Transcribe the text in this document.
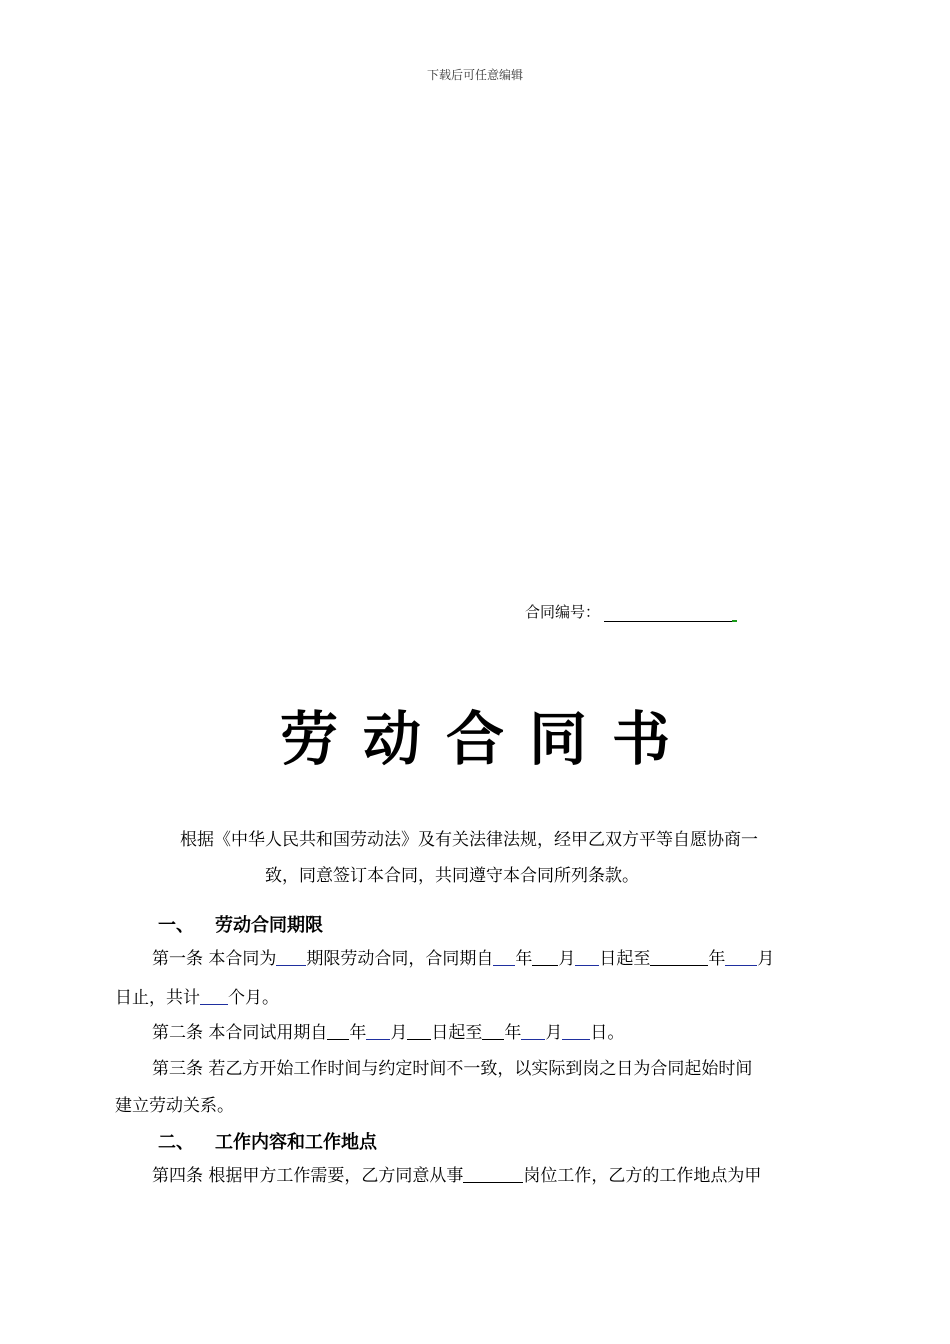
下载后可任意编辑
合同编号：
劳动合同书
根据《中华人民共和国劳动法》及有关法律法规，经甲乙双方平等自愿协商一
致，同意签订本合同，共同遵守本合同所列条款。
一、 劳动合同期限
第一条 本合同为 期限劳动合同，合同期自 年 月 日起至	年 月
日止，共计 个月。
第二条 本合同试用期自 年 月 日起至 年 月 日。
第三条 若乙方开始工作时间与约定时间不一致，以实际到岗之日为合同起始时间
建立劳动关系。
二、 工作内容和工作地点
第四条 根据甲方工作需要，乙方同意从事	岗位工作，乙方的工作地点为甲
